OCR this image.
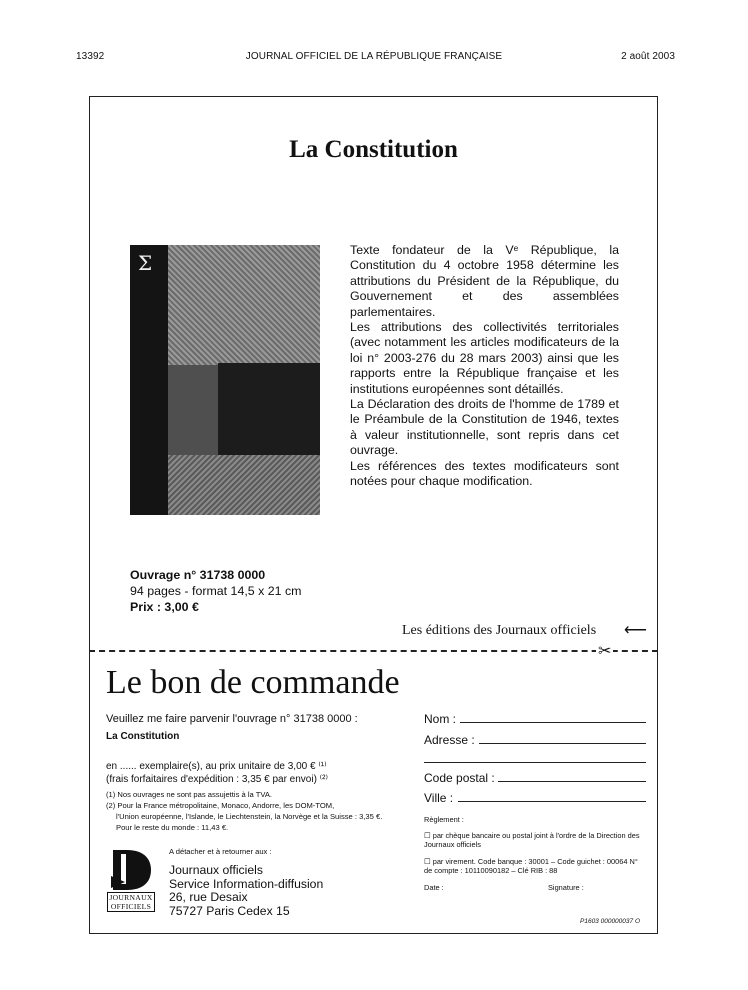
13392	JOURNAL OFFICIEL DE LA RÉPUBLIQUE FRANÇAISE	2 août 2003
La Constitution
Σ

Texte fondateur de la Vᵉ République, la Constitution du 4 octobre 1958 détermine les attributions du Président de la République, du Gouvernement et des assemblées parlementaires.

Les attributions des collectivités territoriales (avec notamment les articles modificateurs de la loi n° 2003-276 du 28 mars 2003) ainsi que les rapports entre la République française et les institutions européennes sont détaillés.

La Déclaration des droits de l'homme de 1789 et le Préambule de la Constitution de 1946, textes à valeur institutionnelle, sont repris dans cet ouvrage.

Les références des textes modificateurs sont notées pour chaque modification.

Ouvrage n° 31738 0000
94 pages - format 14,5 x 21 cm
Prix : 3,00 €
Les éditions des Journaux officiels ⟵
✂
Le bon de commande
Veuillez me faire parvenir l'ouvrage n° 31738 0000 :
La Constitution
en ...... exemplaire(s), au prix unitaire de 3,00 € ⁽¹⁾
(frais forfaitaires d'expédition : 3,35 € par envoi) ⁽²⁾
(1) Nos ouvrages ne sont pas assujettis à la TVA.
(2) Pour la France métropolitaine, Monaco, Andorre, les DOM-TOM,
l'Union européenne, l'Islande, le Liechtenstein, la Norvège et la Suisse : 3,35 €.
Pour le reste du monde : 11,43 €.
JOURNAUX
OFFICIELS
A détacher et à retourner aux :
Journaux officiels
Service Information-diffusion
26, rue Desaix
75727 Paris Cedex 15
Nom :
Adresse :
Code postal :
Ville :
Règlement :
☐ par chèque bancaire ou postal joint à l'ordre de la Direction des Journaux officiels
☐ par virement. Code banque : 30001 – Code guichet : 00064 N° de compte : 10110090182 – Clé RIB : 88
Date :	Signature :
P1603 000000037 O
